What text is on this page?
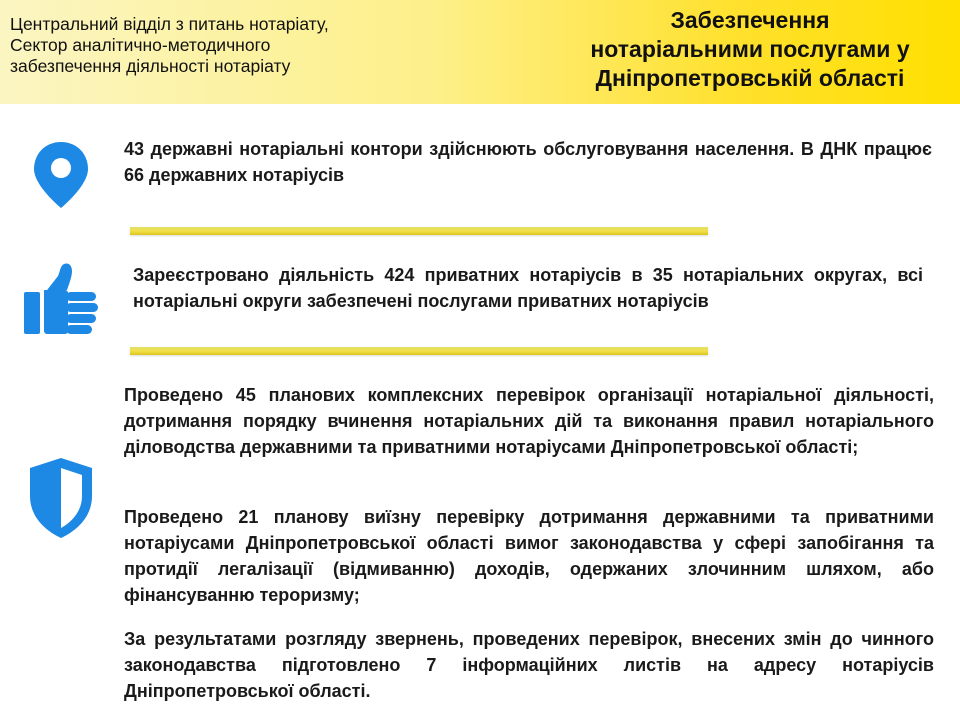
Центральний відділ з питань нотаріату,
Сектор аналітично-методичного
забезпечення діяльності нотаріату
Забезпечення
нотаріальними послугами у
Дніпропетровській області
43 державні нотаріальні контори здійснюють обслуговування населення. В ДНК працює 66 державних нотаріусів
Зареєстровано діяльність 424 приватних нотаріусів в 35 нотаріальних округах, всі нотаріальні округи забезпечені послугами приватних нотаріусів
Проведено 45 планових комплексних перевірок організації нотаріальної діяльності, дотримання порядку вчинення нотаріальних дій та виконання правил нотаріального діловодства державними та приватними нотаріусами Дніпропетровської області;
Проведено 21 планову виїзну перевірку дотримання державними та приватними нотаріусами Дніпропетровської області вимог законодавства у сфері запобігання та протидії легалізації (відмиванню) доходів, одержаних злочинним шляхом, або фінансуванню тероризму;
За результатами розгляду звернень, проведених перевірок, внесених змін до чинного законодавства підготовлено 7 інформаційних листів на адресу нотаріусів Дніпропетровської області.
